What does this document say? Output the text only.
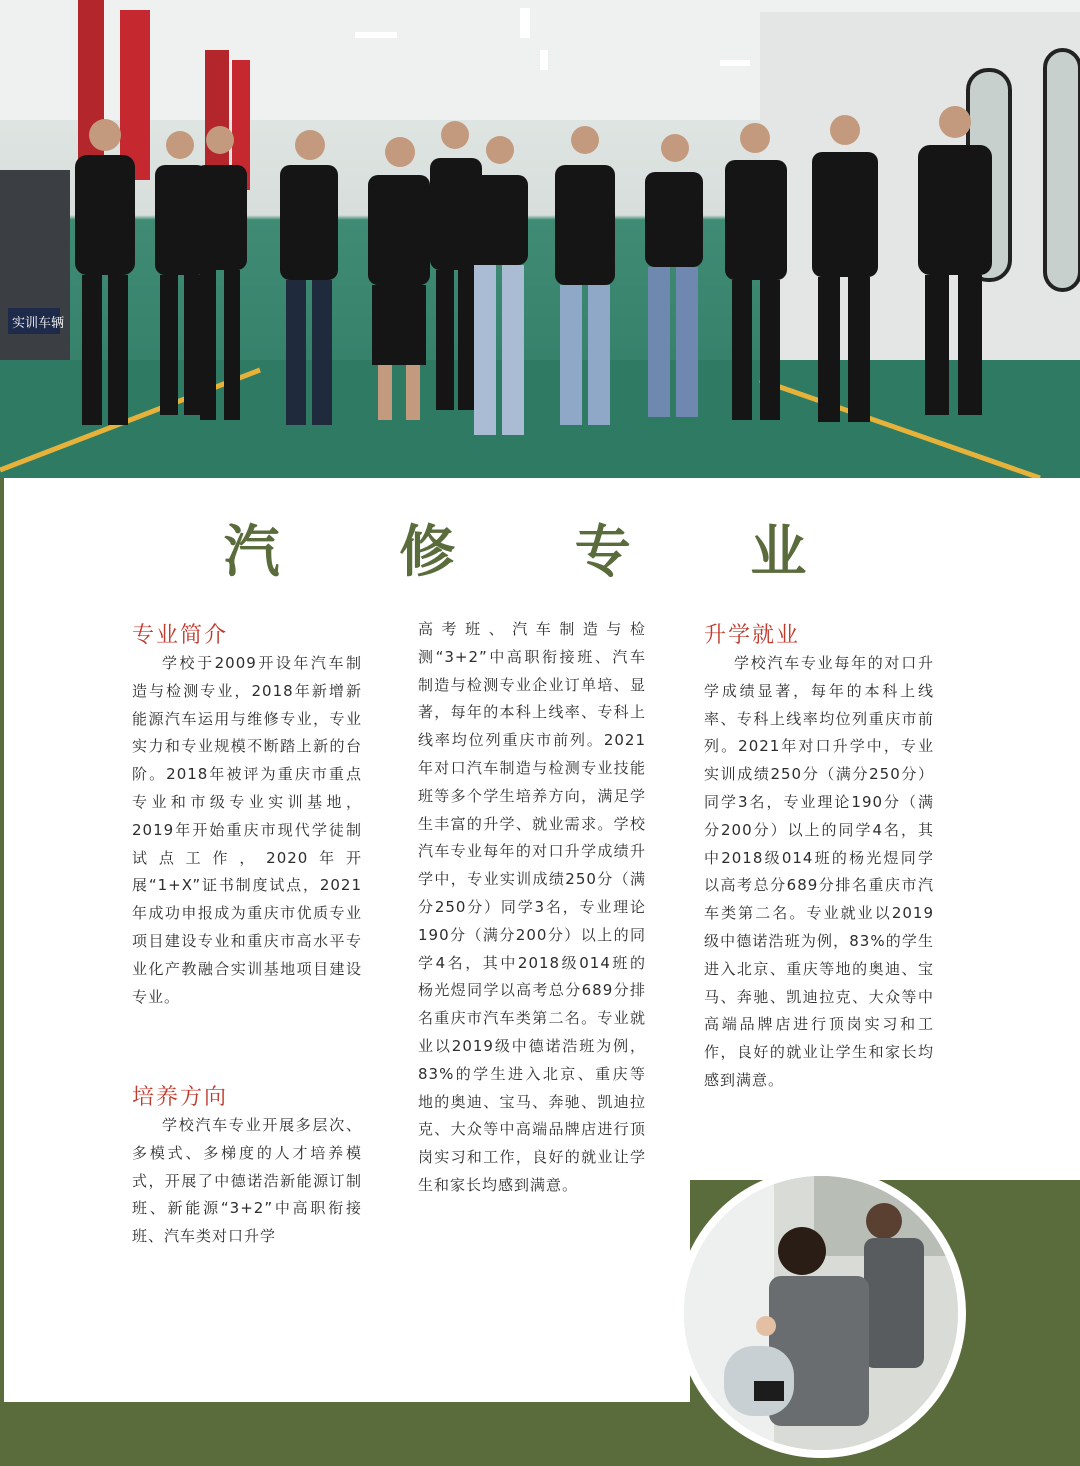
实训车辆
汽 修 专 业
专业简介

学校于2009开设年汽车制造与检测专业，2018年新增新能源汽车运用与维修专业，专业实力和专业规模不断踏上新的台阶。2018年被评为重庆市重点专业和市级专业实训基地，2019年开始重庆市现代学徒制试点工作，2020年开展“1+X”证书制度试点，2021年成功申报成为重庆市优质专业项目建设专业和重庆市高水平专业化产教融合实训基地项目建设专业。

培养方向

学校汽车专业开展多层次、多模式、多梯度的人才培养模式，开展了中德诺浩新能源订制班、新能源“3+2”中高职衔接班、汽车类对口升学

高考班、汽车制造与检测“3+2”中高职衔接班、汽车制造与检测专业企业订单培、显著，每年的本科上线率、专科上线率均位列重庆市前列。2021年对口汽车制造与检测专业技能班等多个学生培养方向，满足学生丰富的升学、就业需求。学校汽车专业每年的对口升学成绩升学中，专业实训成绩250分（满分250分）同学3名，专业理论190分（满分200分）以上的同学4名，其中2018级014班的杨光煜同学以高考总分689分排名重庆市汽车类第二名。专业就业以2019级中德诺浩班为例，83%的学生进入北京、重庆等地的奥迪、宝马、奔驰、凯迪拉克、大众等中高端品牌店进行顶岗实习和工作，良好的就业让学生和家长均感到满意。

升学就业

学校汽车专业每年的对口升学成绩显著，每年的本科上线率、专科上线率均位列重庆市前列。2021年对口升学中，专业实训成绩250分（满分250分）同学3名，专业理论190分（满分200分）以上的同学4名，其中2018级014班的杨光煜同学以高考总分689分排名重庆市汽车类第二名。专业就业以2019级中德诺浩班为例，83%的学生进入北京、重庆等地的奥迪、宝马、奔驰、凯迪拉克、大众等中高端品牌店进行顶岗实习和工作，良好的就业让学生和家长均感到满意。
